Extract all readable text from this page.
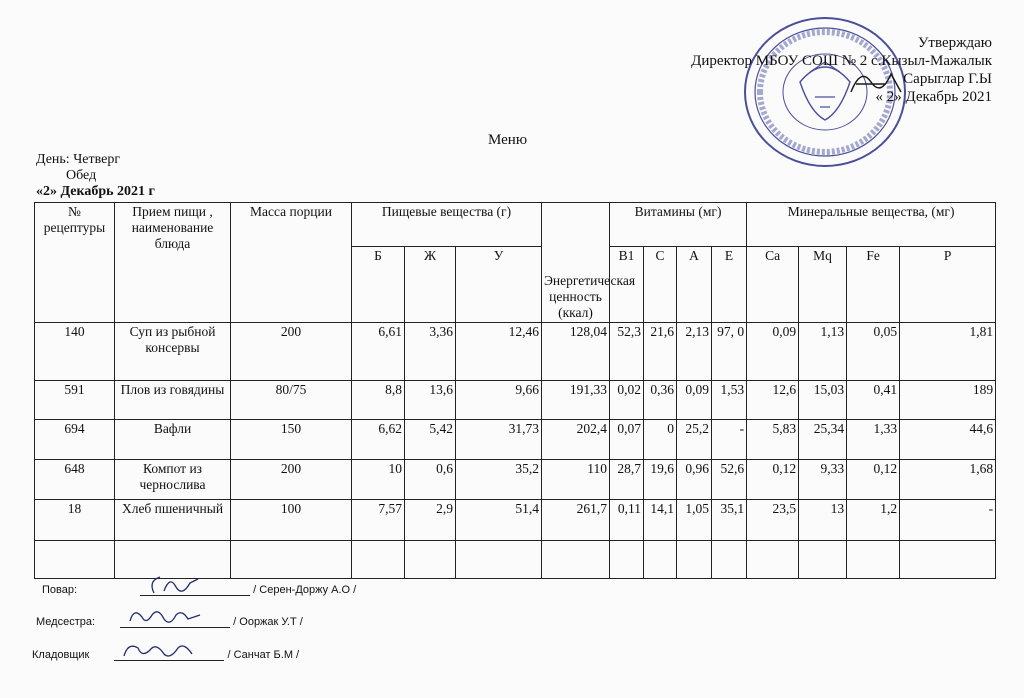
Утверждаю
Директор МБОУ СОШ № 2 с.Кызыл-Мажалык
Сарыглар Г.Ы
« 2» Декабрь 2021
Меню
День: Четверг
Обед
«2» Декабрь 2021 г
№ рецептуры	Прием пищи , наименование блюда	Масса порции	Пищевые вещества (г)			Энергетическая ценность (ккал)	Витамины (мг)				Минеральные вещества, (мг)			
			Б	Ж	У		В1	С	А	Е	Ca	Mq	Fe	P
140	Суп из рыбной консервы	200	6,61	3,36	12,46	128,04	52,3	21,6	2,13	97, 0	0,09	1,13	0,05	1,81
591	Плов из говядины	80/75	8,8	13,6	9,66	191,33	0,02	0,36	0,09	1,53	12,6	15,03	0,41	189
694	Вафли	150	6,62	5,42	31,73	202,4	0,07	0	25,2	-	5,83	25,34	1,33	44,6
648	Компот из чернослива	200	10	0,6	35,2	110	28,7	19,6	0,96	52,6	0,12	9,33	0,12	1,68
18	Хлеб пшеничный	100	7,57	2,9	51,4	261,7	0,11	14,1	1,05	35,1	23,5	13	1,2	-

Повар:	/ Серен-Доржу А.О /
Медсестра:	/ Ооржак У.Т /
Кладовщик	/ Санчат Б.М /
